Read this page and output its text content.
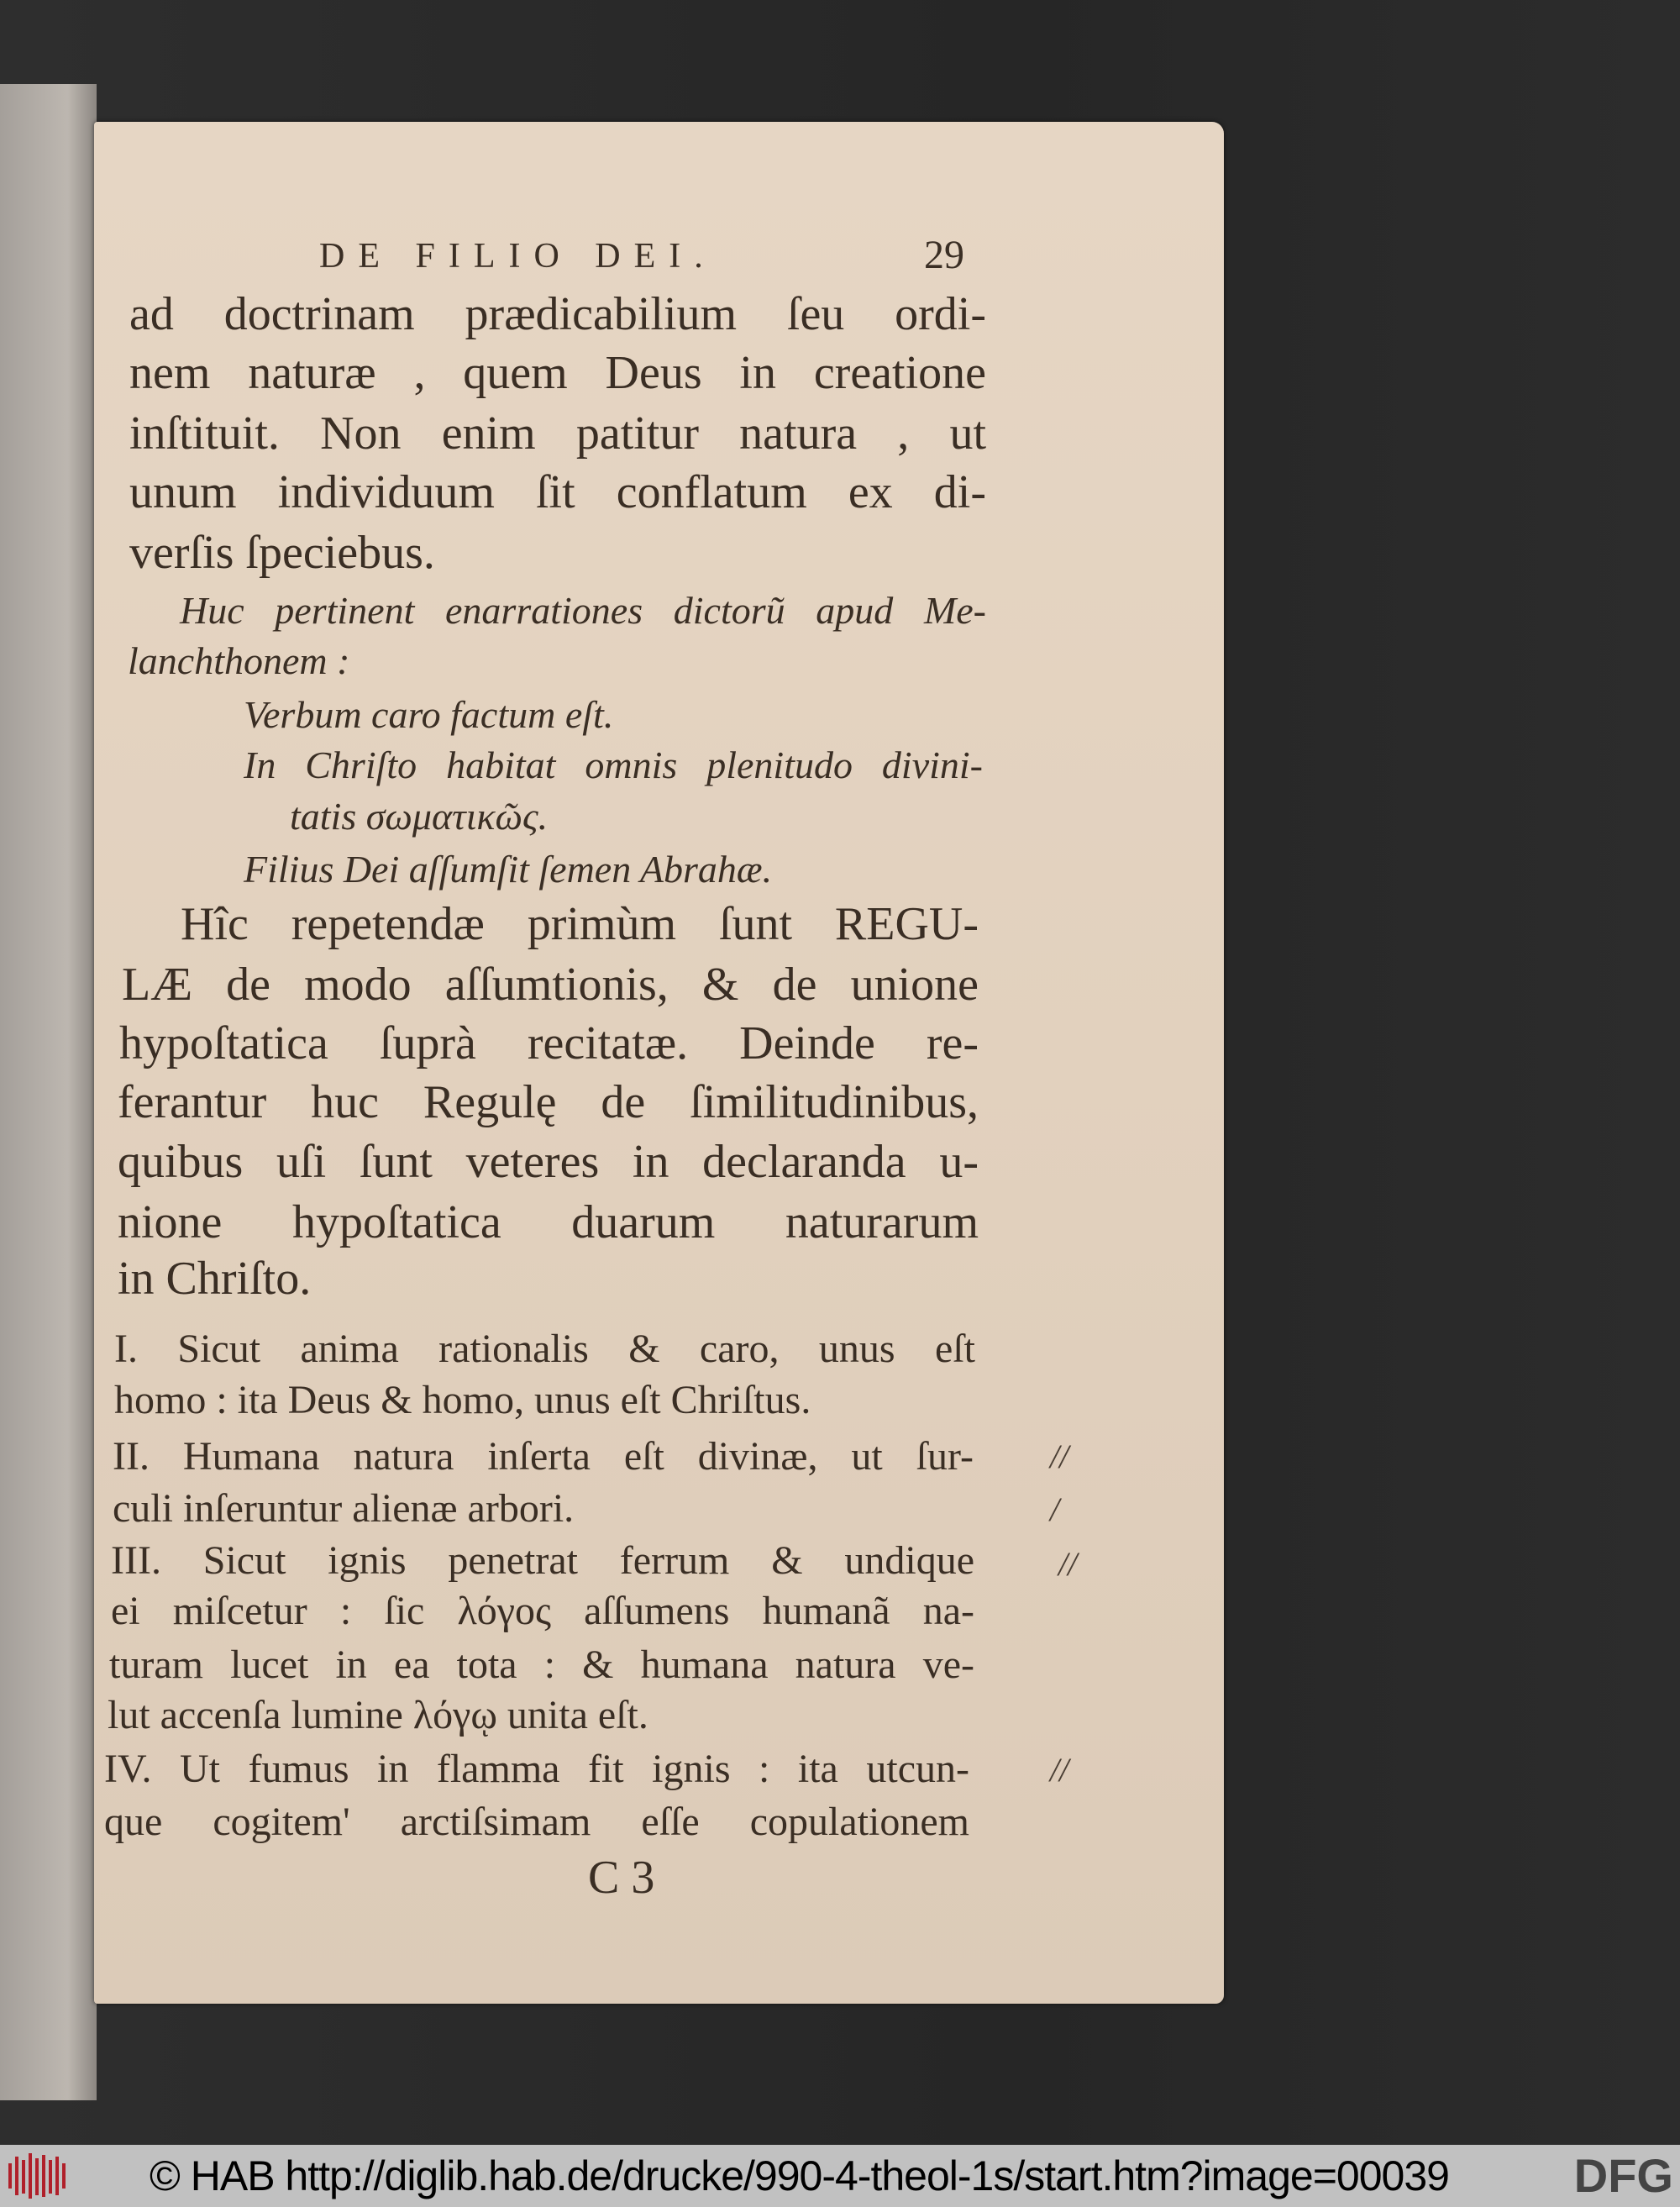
DE FILIO DEI.	29
ad doctrinam prædicabilium ſeu ordi-
nem naturæ , quem Deus in creatione
inſtituit. Non enim patitur natura , ut
unum individuum ſit conflatum ex di-
verſis ſpeciebus.
Huc pertinent enarrationes dictorũ apud Me-
lanchthonem :
Verbum caro factum eſt.
In Chriſto habitat omnis plenitudo divini-
tatis σωματικῶς.
Filius Dei aſſumſit ſemen Abrahæ.
Hîc repetendæ primùm ſunt REGU-
LÆ de modo aſſumtionis, & de unione
hypoſtatica ſuprà recitatæ. Deinde re-
ferantur huc Regulę de ſimilitudinibus,
quibus uſi ſunt veteres in declaranda u-
nione hypoſtatica duarum naturarum
in Chriſto.
I. Sicut anima rationalis & caro, unus eſt
homo : ita Deus & homo, unus eſt Chriſtus.
II. Humana natura inſerta eſt divinæ, ut ſur-
culi inſeruntur alienæ arbori.
III. Sicut ignis penetrat ferrum & undique
ei miſcetur : ſic λόγος aſſumens humanã na-
turam lucet in ea tota : & humana natura ve-
lut accenſa lumine λόγῳ unita eſt.
IV. Ut fumus in flamma fit ignis : ita utcun-
que cogitem' arctiſsimam eſſe copulationem
C 3
//
/
//
//
© HAB http://diglib.hab.de/drucke/990-4-theol-1s/start.htm?image=00039	DFG
